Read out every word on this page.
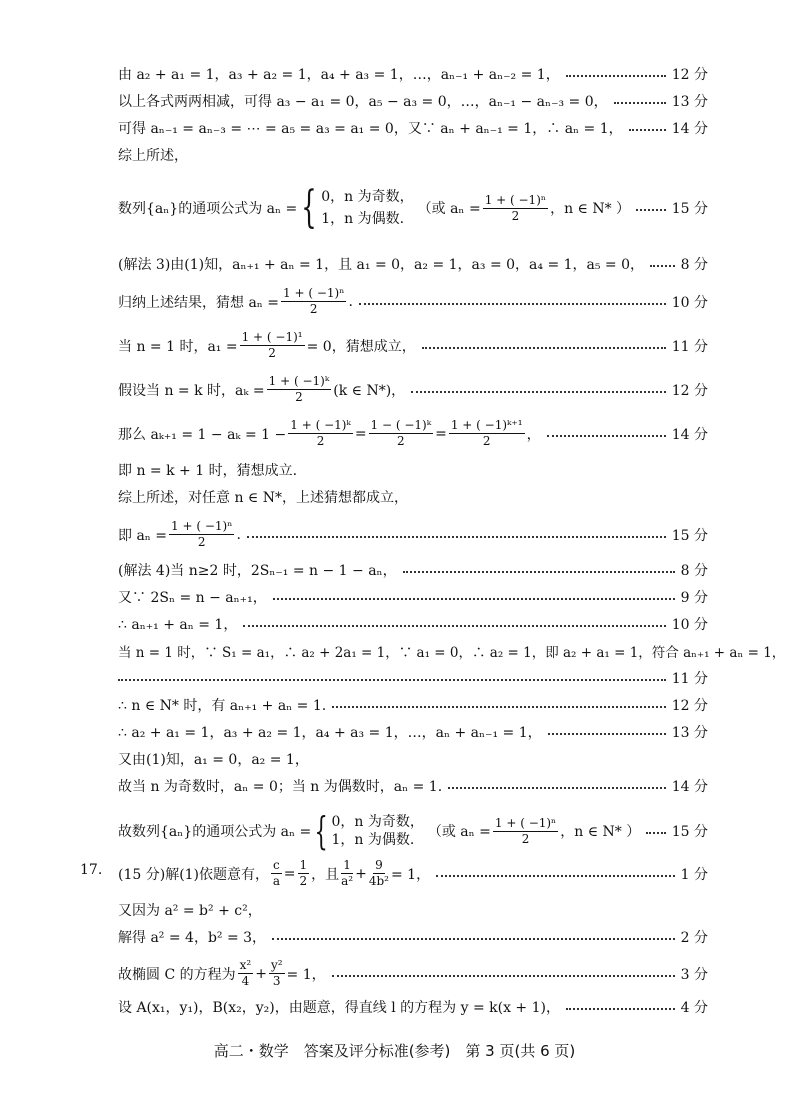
由 a₂ + a₁ = 1，a₃ + a₂ = 1，a₄ + a₃ = 1，…，aₙ₋₁ + aₙ₋₂ = 1，	12 分
以上各式两两相减，可得 a₃ − a₁ = 0，a₅ − a₃ = 0，…，aₙ₋₁ − aₙ₋₃ = 0，	13 分
可得 aₙ₋₁ = aₙ₋₃ = ⋯ = a₅ = a₃ = a₁ = 0，又∵ aₙ + aₙ₋₁ = 1，∴ aₙ = 1，	14 分
综上所述，
数列{aₙ}的通项公式为 aₙ = { 0，n 为奇数，
1，n 为偶数.
（或 $a_n = \frac{\text{1 + ( −1)ⁿ}}{2}$ ，n ∈ N* ）	15 分
(解法 3)由(1)知，aₙ₊₁ + aₙ = 1，且 a₁ = 0，a₂ = 1，a₃ = 0，a₄ = 1，a₅ = 0，	8 分
归纳上述结果，猜想 $a_n = \frac{\text{1 + ( −1)ⁿ}}{2}$ .	10 分
当 n = 1 时，$a_1 = \frac{\text{1 + ( −1)¹}}{2} = 0$，猜想成立，	11 分
假设当 n = k 时，$a_k = \frac{\text{1 + ( −1)ᵏ}}{2} (k$ ∈ N*)，	12 分
那么 $a_{k+1} = 1 - a_k = 1 - \frac{\text{1 + ( −1)ᵏ}}{2} = \frac{\text{1 − ( −1)ᵏ}}{2} = \frac{\text{1 + ( −1)ᵏ⁺¹}}{2}$ ，	14 分
即 n = k + 1 时，猜想成立.
综上所述，对任意 n ∈ N*，上述猜想都成立，
即 $a_n = \frac{\text{1 + ( −1)ⁿ}}{2}$ .	15 分
(解法 4)当 n≥2 时，2Sₙ₋₁ = n − 1 − aₙ，	8 分
又∵ 2Sₙ = n − aₙ₊₁，	9 分
∴ aₙ₊₁ + aₙ = 1，	10 分
当 n = 1 时，∵ S₁ = a₁，∴ a₂ + 2a₁ = 1，∵ a₁ = 0，∴ a₂ = 1，即 a₂ + a₁ = 1，符合 aₙ₊₁ + aₙ = 1，
11 分
∴ n ∈ N* 时，有 aₙ₊₁ + aₙ = 1.	12 分
∴ a₂ + a₁ = 1，a₃ + a₂ = 1，a₄ + a₃ = 1，…，aₙ + aₙ₋₁ = 1，	13 分
又由(1)知，a₁ = 0，a₂ = 1，
故当 n 为奇数时，aₙ = 0；当 n 为偶数时，aₙ = 1.	14 分
故数列{aₙ}的通项公式为 aₙ = { 0，n 为奇数，
1，n 为偶数. （或 $a_n = \frac{\text{1 + ( −1)ⁿ}}{2}$ ，n ∈ N* ） 15 分
17. (15 分)解(1)依题意有， $\frac{c}{a} = \frac{1}{2}$ ，且 $\frac{1}{\text{a²}} + \frac{9}{\text{4b²}} = 1$，	1 分
又因为 a² = b² + c²，
解得 a² = 4，b² = 3，	2 分
故椭圆 C 的方程为 $\frac{\text{x²}}{4} + \frac{\text{y²}}{3} = 1$，	3 分
设 A(x₁，y₁)，B(x₂，y₂)，由题意，得直线 l 的方程为 y = k(x + 1)，	4 分
高二・数学　答案及评分标准(参考)　第 3 页(共 6 页)
